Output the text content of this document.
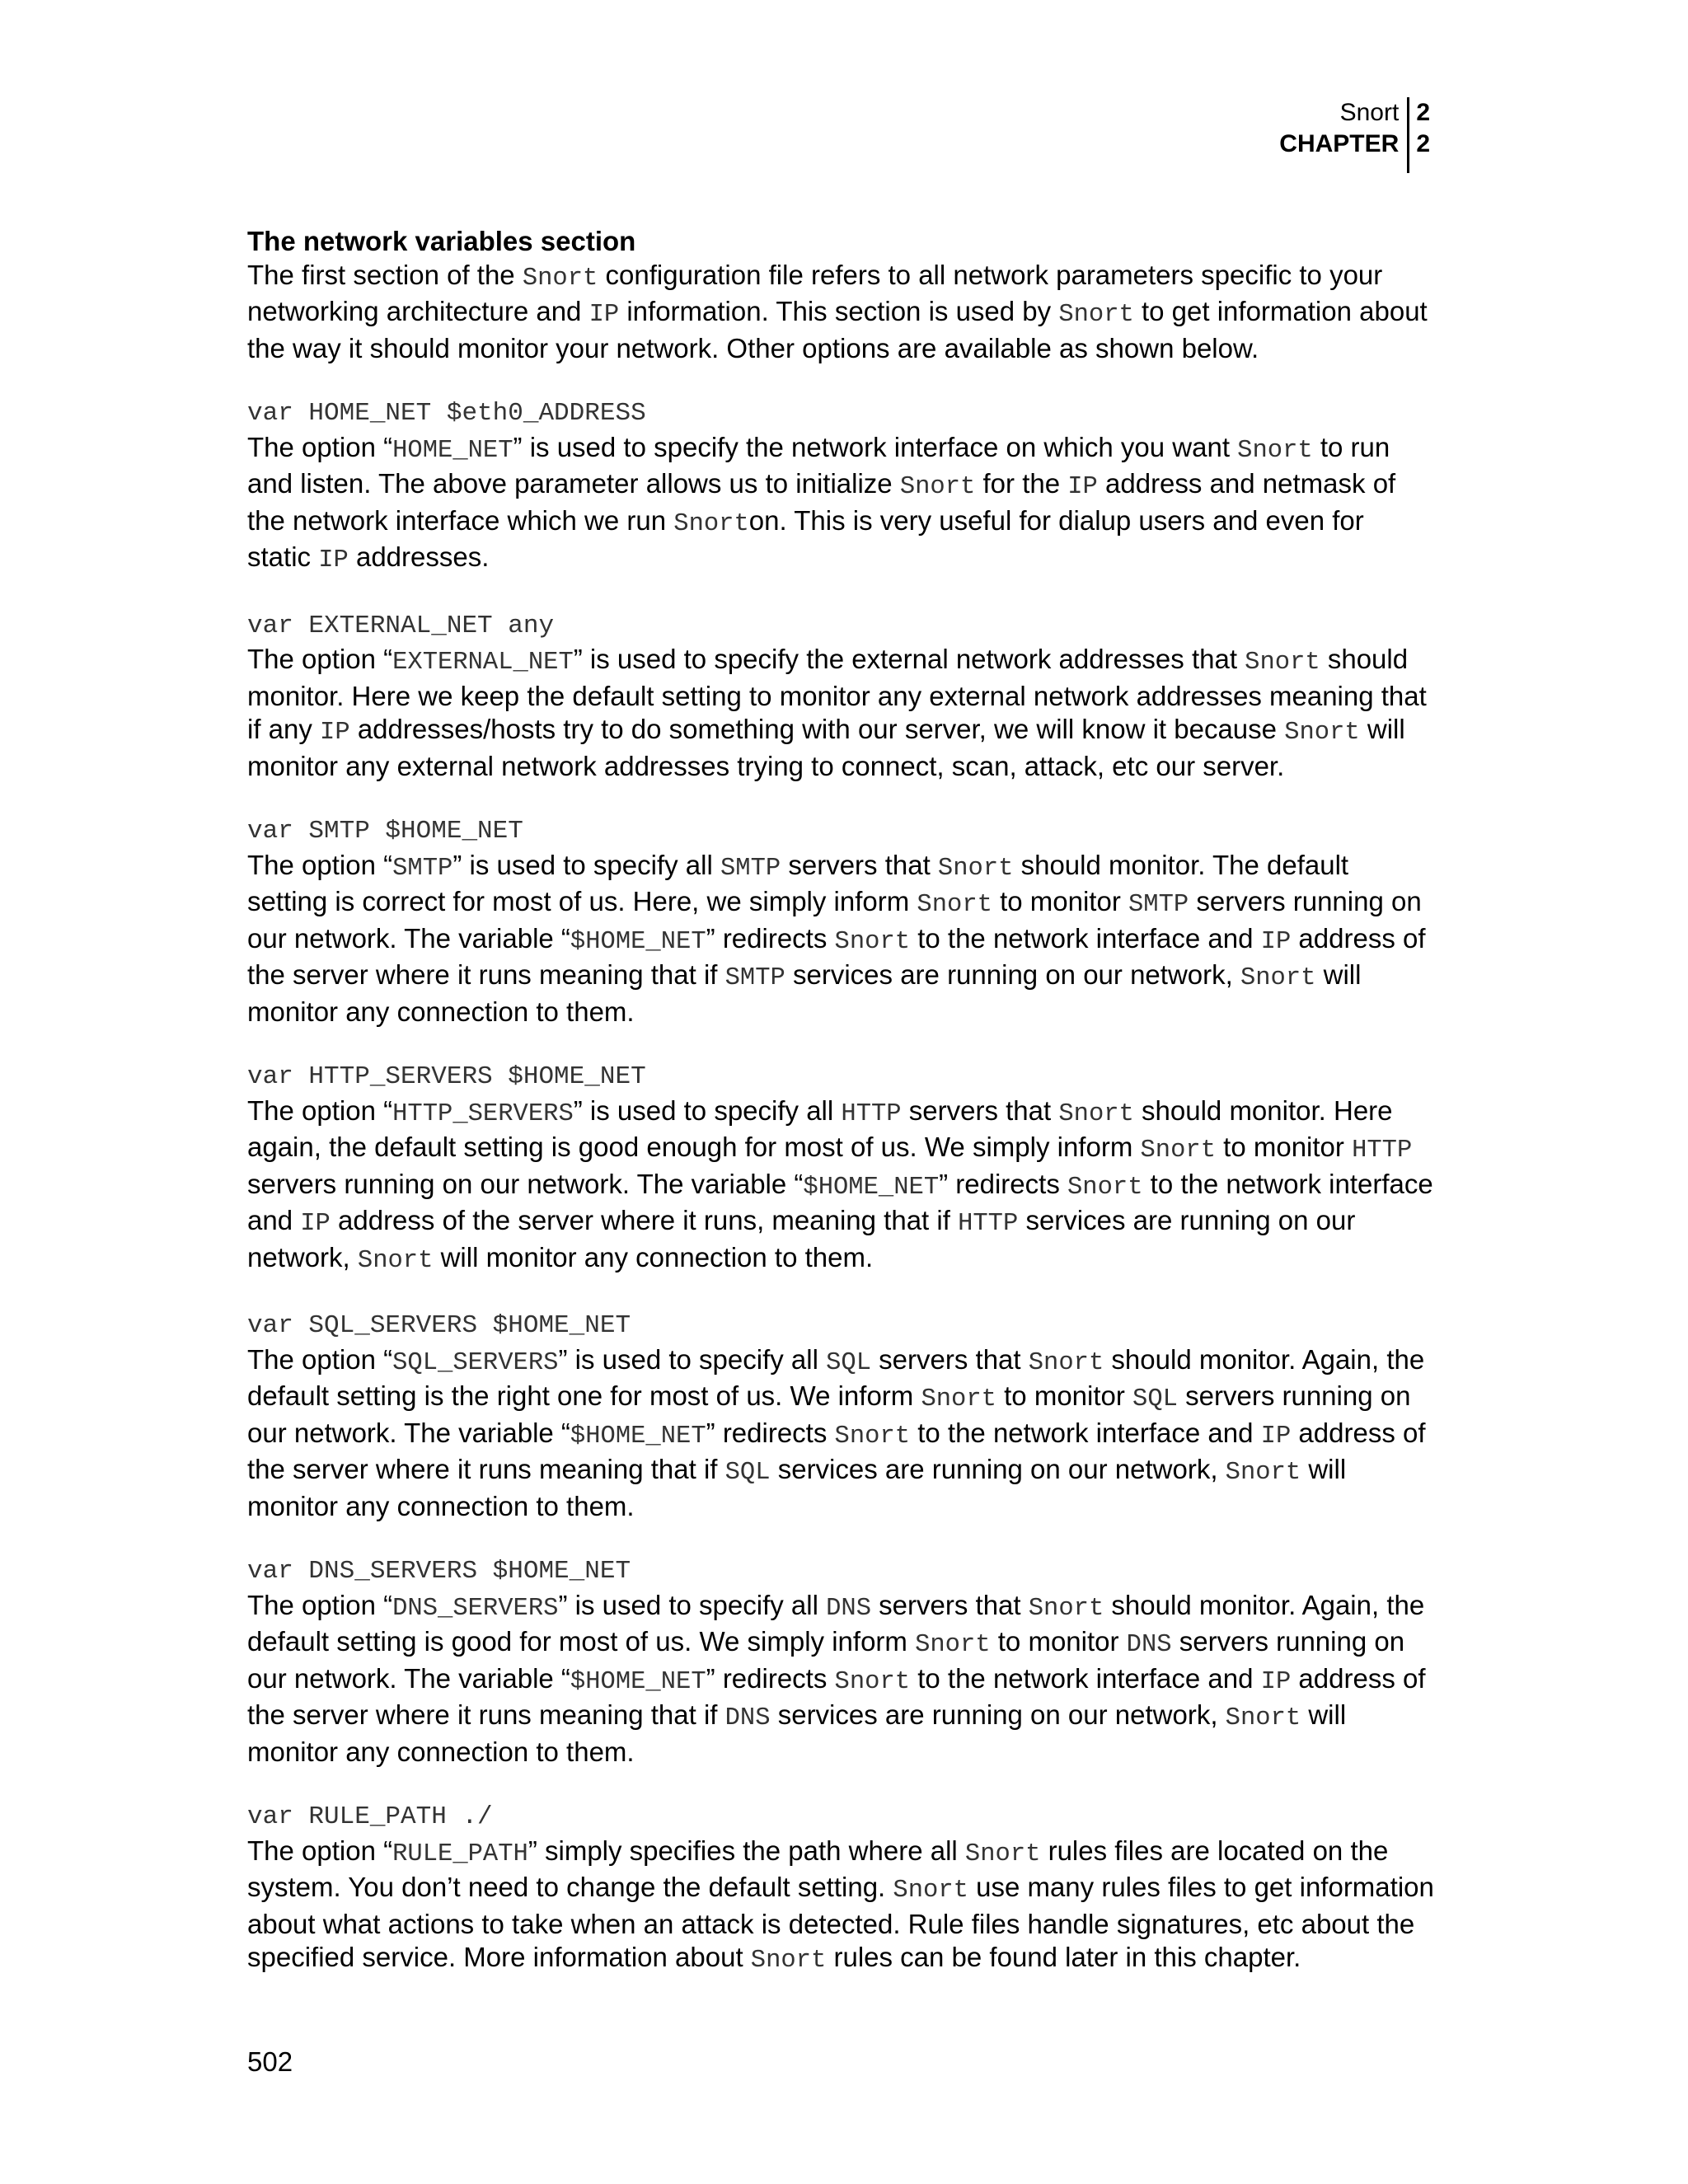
Snort
CHAPTER
2
2

The network variables section

The first section of the Snort configuration file refers to all network parameters specific to your networking architecture and IP information. This section is used by Snort to get information about the way it should monitor your network. Other options are available as shown below.

var HOME_NET $eth0_ADDRESS

The option “HOME_NET” is used to specify the network interface on which you want Snort to run and listen. The above parameter allows us to initialize Snort for the IP address and netmask of the network interface which we run Snorton. This is very useful for dialup users and even for static IP addresses.

var EXTERNAL_NET any

The option “EXTERNAL_NET” is used to specify the external network addresses that Snort should monitor. Here we keep the default setting to monitor any external network addresses meaning that if any IP addresses/hosts try to do something with our server, we will know it because Snort will monitor any external network addresses trying to connect, scan, attack, etc our server.

var SMTP $HOME_NET

The option “SMTP” is used to specify all SMTP servers that Snort should monitor. The default setting is correct for most of us. Here, we simply inform Snort to monitor SMTP servers running on our network. The variable “$HOME_NET” redirects Snort to the network interface and IP address of the server where it runs meaning that if SMTP services are running on our network, Snort will monitor any connection to them.

var HTTP_SERVERS $HOME_NET

The option “HTTP_SERVERS” is used to specify all HTTP servers that Snort should monitor. Here again, the default setting is good enough for most of us. We simply inform Snort to monitor HTTP servers running on our network. The variable “$HOME_NET” redirects Snort to the network interface and IP address of the server where it runs, meaning that if HTTP services are running on our network, Snort will monitor any connection to them.

var SQL_SERVERS $HOME_NET

The option “SQL_SERVERS” is used to specify all SQL servers that Snort should monitor. Again, the default setting is the right one for most of us. We inform Snort to monitor SQL servers running on our network. The variable “$HOME_NET” redirects Snort to the network interface and IP address of the server where it runs meaning that if SQL services are running on our network, Snort will monitor any connection to them.

var DNS_SERVERS $HOME_NET

The option “DNS_SERVERS” is used to specify all DNS servers that Snort should monitor. Again, the default setting is good for most of us. We simply inform Snort to monitor DNS servers running on our network. The variable “$HOME_NET” redirects Snort to the network interface and IP address of the server where it runs meaning that if DNS services are running on our network, Snort will monitor any connection to them.

var RULE_PATH ./

The option “RULE_PATH” simply specifies the path where all Snort rules files are located on the system. You don’t need to change the default setting. Snort use many rules files to get information about what actions to take when an attack is detected. Rule files handle signatures, etc about the specified service. More information about Snort rules can be found later in this chapter.

502
